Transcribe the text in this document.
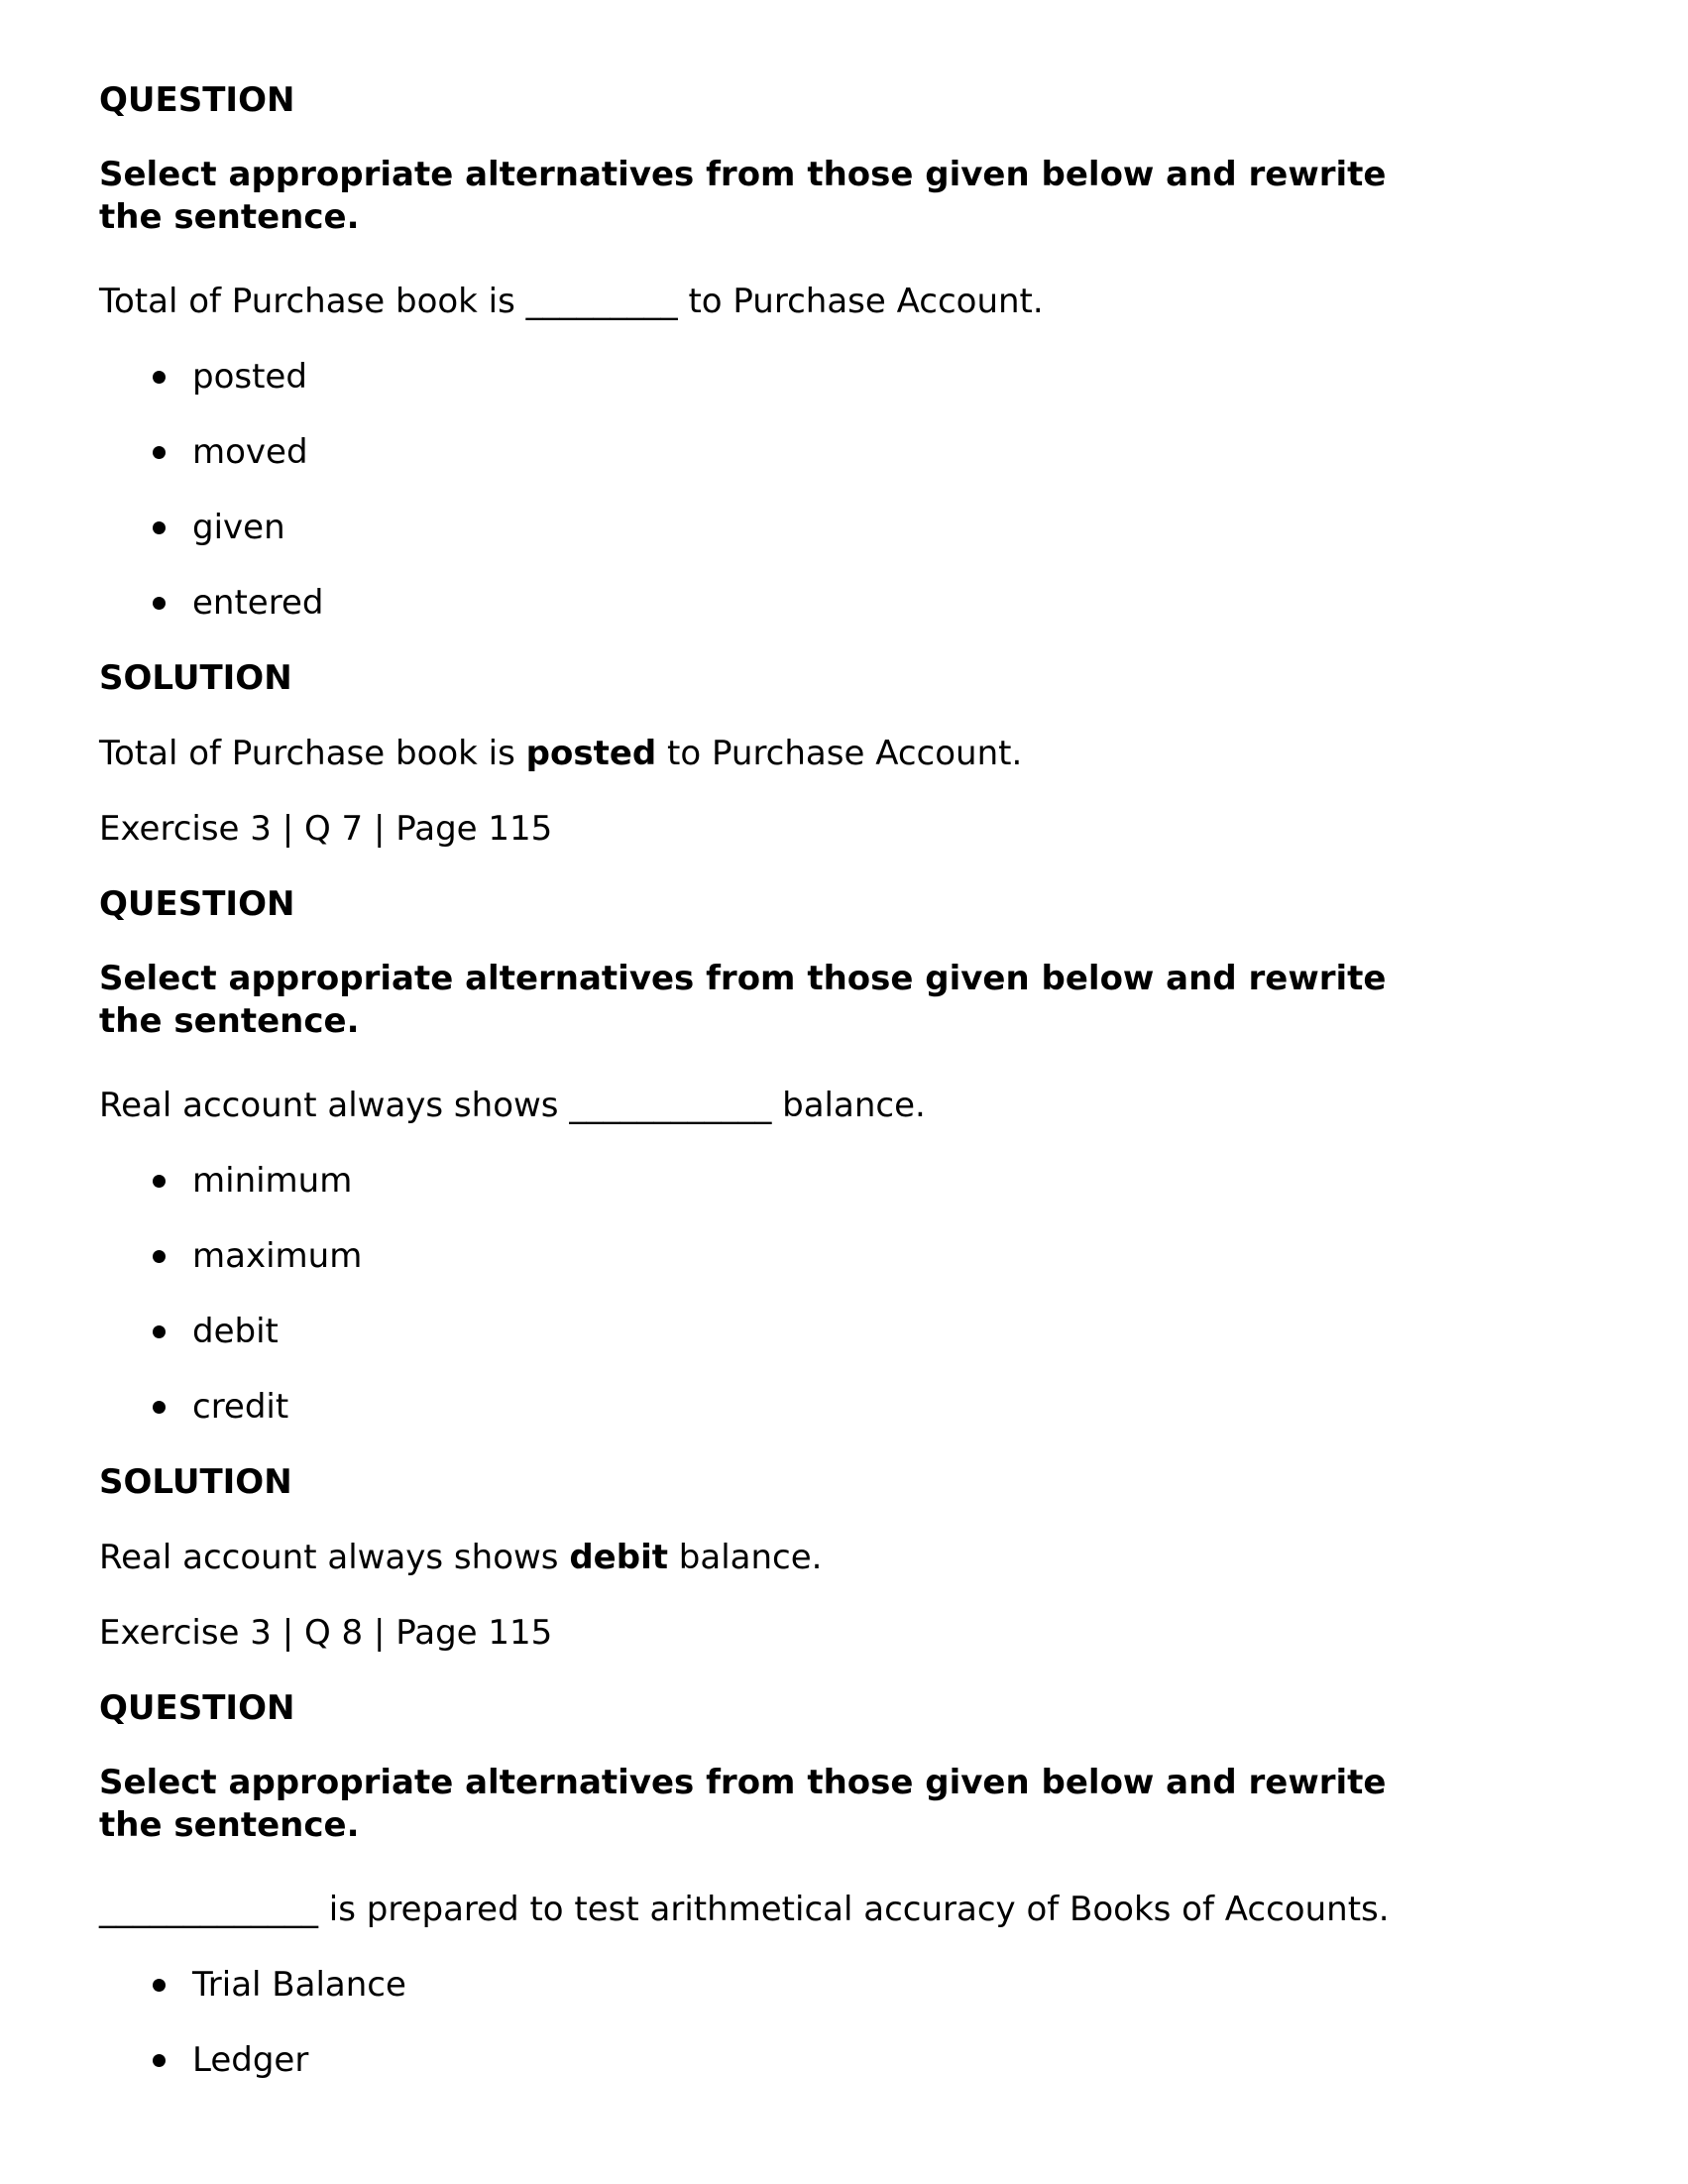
QUESTION

Select appropriate alternatives from those given below and rewrite the sentence.

Total of Purchase book is _________ to Purchase Account.

posted
moved
given
entered

SOLUTION

Total of Purchase book is posted to Purchase Account.

Exercise 3 | Q 7 | Page 115

QUESTION

Select appropriate alternatives from those given below and rewrite the sentence.

Real account always shows ____________ balance.

minimum
maximum
debit
credit

SOLUTION

Real account always shows debit balance.

Exercise 3 | Q 8 | Page 115

QUESTION

Select appropriate alternatives from those given below and rewrite the sentence.

_____________ is prepared to test arithmetical accuracy of Books of Accounts.

Trial Balance
Ledger
